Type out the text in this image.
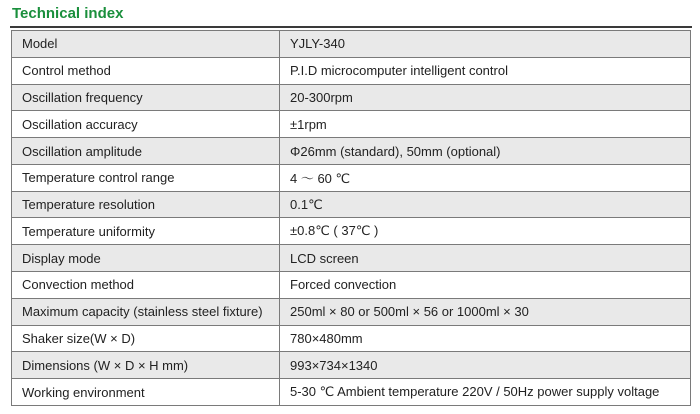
Technical index
Model	YJLY-340
Control method	P.I.D microcomputer intelligent control
Oscillation frequency	20-300rpm
Oscillation accuracy	±1rpm
Oscillation amplitude	Φ26mm (standard), 50mm (optional)
Temperature control range	4 ～ 60 ℃
Temperature resolution	0.1℃
Temperature uniformity	±0.8℃ ( 37℃ )
Display mode	LCD screen
Convection method	Forced convection
Maximum capacity (stainless steel fixture)	250ml × 80 or 500ml × 56 or 1000ml × 30
Shaker size(W × D)	780×480mm
Dimensions (W × D × H mm)	993×734×1340
Working environment	5-30 ℃ Ambient temperature 220V / 50Hz power supply voltage
